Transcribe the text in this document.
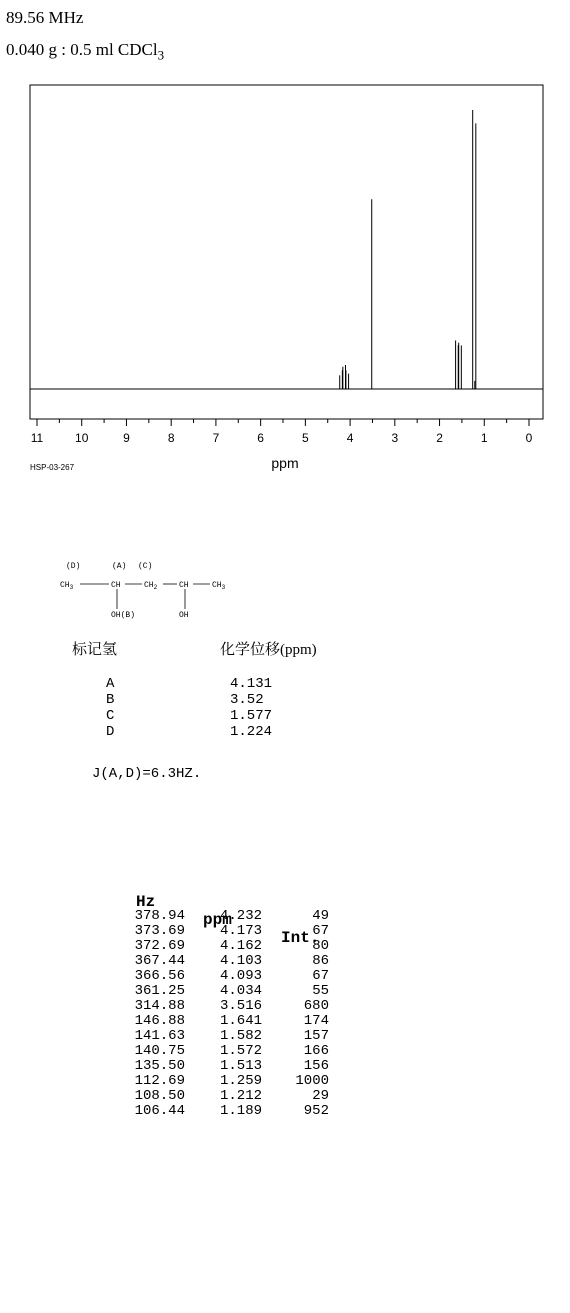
89.56 MHz
0.040 g : 0.5 ml CDCl$_3$
11	10	9	8	7	6	5	4	3	2	1	0
ppm
HSP-03-267
(D)	(A) (C)
$CH_3$	CH	$CH_2$	CH	$CH_3$
OH(B)	OH
标记氢	化学位移(ppm)
A	4.131
B	3.52
C	1.577
D	1.224
J(A,D)=6.3HZ.

Hz

ppm

Int.

378.94 4.232	49
373.69 4.173	67
372.69 4.162	80
367.44 4.103	86
366.56 4.093	67
361.25 4.034	55
314.88 3.516	680
146.88 1.641	174
141.63 1.582	157
140.75 1.572	166
135.50 1.513	156
112.69 1.259 1000
108.50 1.212	29
106.44 1.189	952
